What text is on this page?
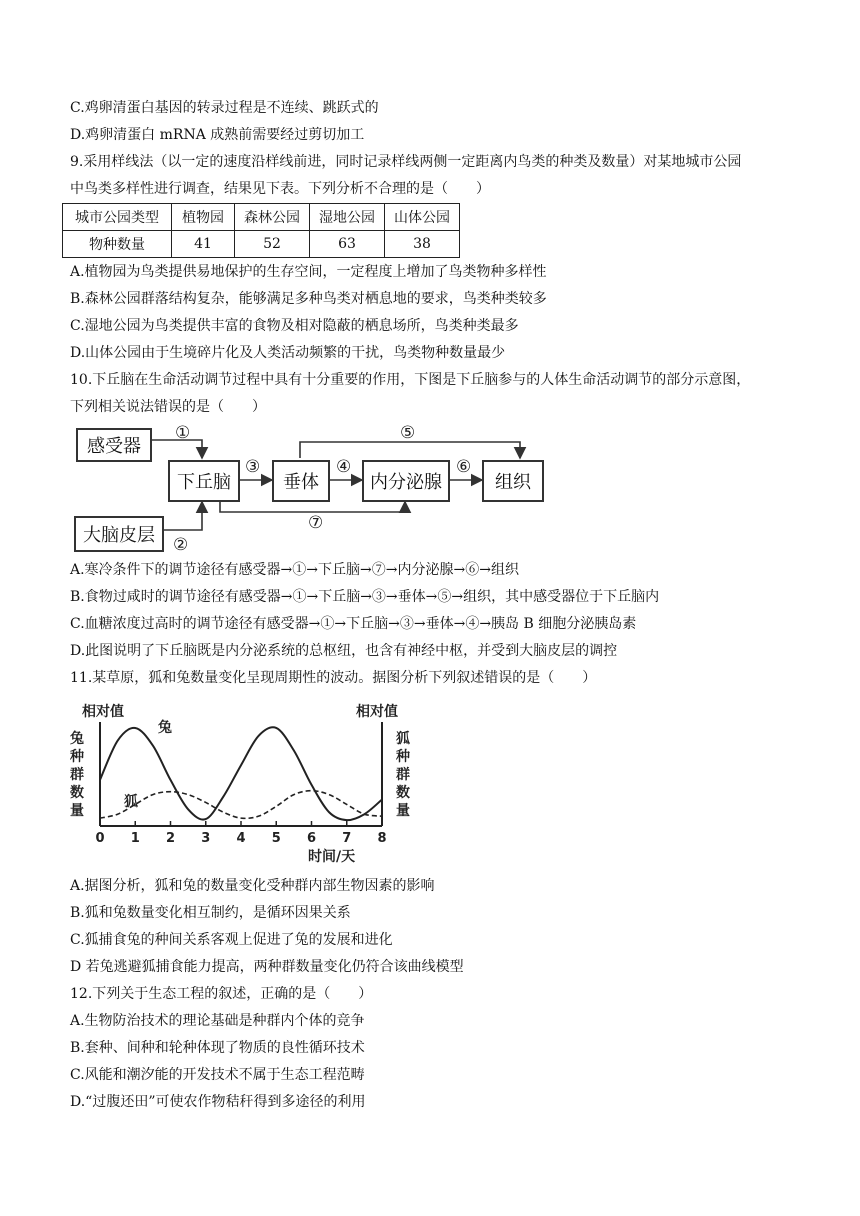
C.鸡卵清蛋白基因的转录过程是不连续、跳跃式的
D.鸡卵清蛋白 mRNA 成熟前需要经过剪切加工
9.采用样线法（以一定的速度沿样线前进，同时记录样线两侧一定距离内鸟类的种类及数量）对某地城市公园
中鸟类多样性进行调查，结果见下表。下列分析不合理的是（　　）
城市公园类型	植物园	森林公园	湿地公园	山体公园
物种数量	41	52	63	38
A.植物园为鸟类提供易地保护的生存空间，一定程度上增加了鸟类物种多样性
B.森林公园群落结构复杂，能够满足多种鸟类对栖息地的要求，鸟类种类较多
C.湿地公园为鸟类提供丰富的食物及相对隐蔽的栖息场所，鸟类种类最多
D.山体公园由于生境碎片化及人类活动频繁的干扰，鸟类物种数量最少
10.下丘脑在生命活动调节过程中具有十分重要的作用，下图是下丘脑参与的人体生命活动调节的部分示意图，
下列相关说法错误的是（　　）
①
②
③	④
⑤
⑥
⑦
感受器
下丘脑	垂体	内分泌腺	组织
大脑皮层
A.寒冷条件下的调节途径有感受器→①→下丘脑→⑦→内分泌腺→⑥→组织
B.食物过咸时的调节途径有感受器→①→下丘脑→③→垂体→⑤→组织，其中感受器位于下丘脑内
C.血糖浓度过高时的调节途径有感受器→①→下丘脑→③→垂体→④→胰岛 B 细胞分泌胰岛素
D.此图说明了下丘脑既是内分泌系统的总枢纽，也含有神经中枢，并受到大脑皮层的调控
11.某草原，狐和兔数量变化呈现周期性的波动。据图分析下列叙述错误的是（　　）
相对值	相对值
兔种群数量
狐种群数量
0 1 2 3 4 5 6 7 8
兔
狐
时间/天
A.据图分析，狐和兔的数量变化受种群内部生物因素的影响
B.狐和兔数量变化相互制约，是循环因果关系
C.狐捕食兔的种间关系客观上促进了兔的发展和进化
D 若兔逃避狐捕食能力提高，两种群数量变化仍符合该曲线模型
12.下列关于生态工程的叙述，正确的是（　　）
A.生物防治技术的理论基础是种群内个体的竞争
B.套种、间种和轮种体现了物质的良性循环技术
C.风能和潮汐能的开发技术不属于生态工程范畴
D.“过腹还田”可使农作物秸秆得到多途径的利用
